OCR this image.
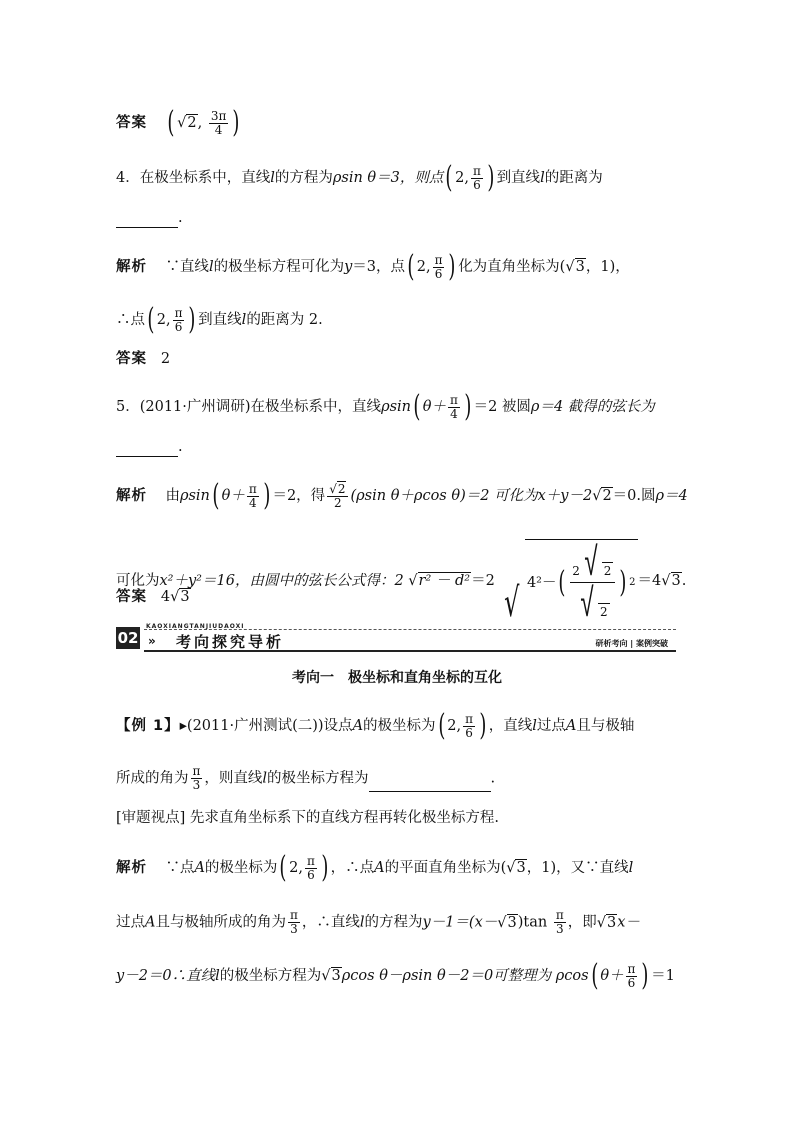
答案 ( √2, $\frac{3\pi}{4}$ )
4．在极坐标系中，直线l的方程为ρsin θ＝3，则点( 2, $\frac{\pi}{6}$ ) 到直线l的距离为
.
解析 ∵直线l的极坐标方程可化为y＝3，点( 2, $\frac{\pi}{6}$ ) 化为直角坐标为(√3，1)，
∴点( 2, $\frac{\pi}{6}$ ) 到直线l的距离为 2.
答案 2
5．(2011·广州调研)在极坐标系中，直线ρsin( $\theta+ \frac{\pi}{4}$ ) ＝2 被圆ρ＝4 截得的弦长为
.
解析 由ρsin( $\theta+ \frac{\pi}{4}$ ) ＝2，得 $\frac{√2}{2} (\rho\sin$ θ＋ρcos θ)＝2 可化为x＋y－2√2＝0.圆ρ＝4
可化为x²＋y²＝16，由圆中的弦长公式得：2 √r² － d²＝2 √ 4²－ ( $\frac{2 √ 2}{√ 2}$ ) 2 ＝4√3.
答案 4√3
02
KAOXIANGTANJIUDAOXI
» 考向探究导析	研析考向 | 案例突破
考向一　极坐标和直角坐标的互化
【例 1】▸(2011·广州测试(二))设点A的极坐标为( 2, $\frac{\pi}{6}$ ) ，直线l过点A且与极轴
所成的角为 $\frac{\pi}{3}$ ，则直线l的极坐标方程为	.
[审题视点] 先求直角坐标系下的直线方程再转化极坐标方程.
解析 ∵点A的极坐标为( 2, $\frac{\pi}{6}$ ) ，∴点A的平面直角坐标为(√3，1)，又∵直线l
过点A且与极轴所成的角为 $\frac{\pi}{3}$ ，∴直线l的方程为$y-1=(x-√3)\tan \frac{\pi}{3}$ ，即√3x－
y－2＝0∴直线l的极坐标方程为√3ρcos θ－ρsin θ－2＝0可整理为 ρcos( $\theta+ \frac{\pi}{6}$ ) ＝1
